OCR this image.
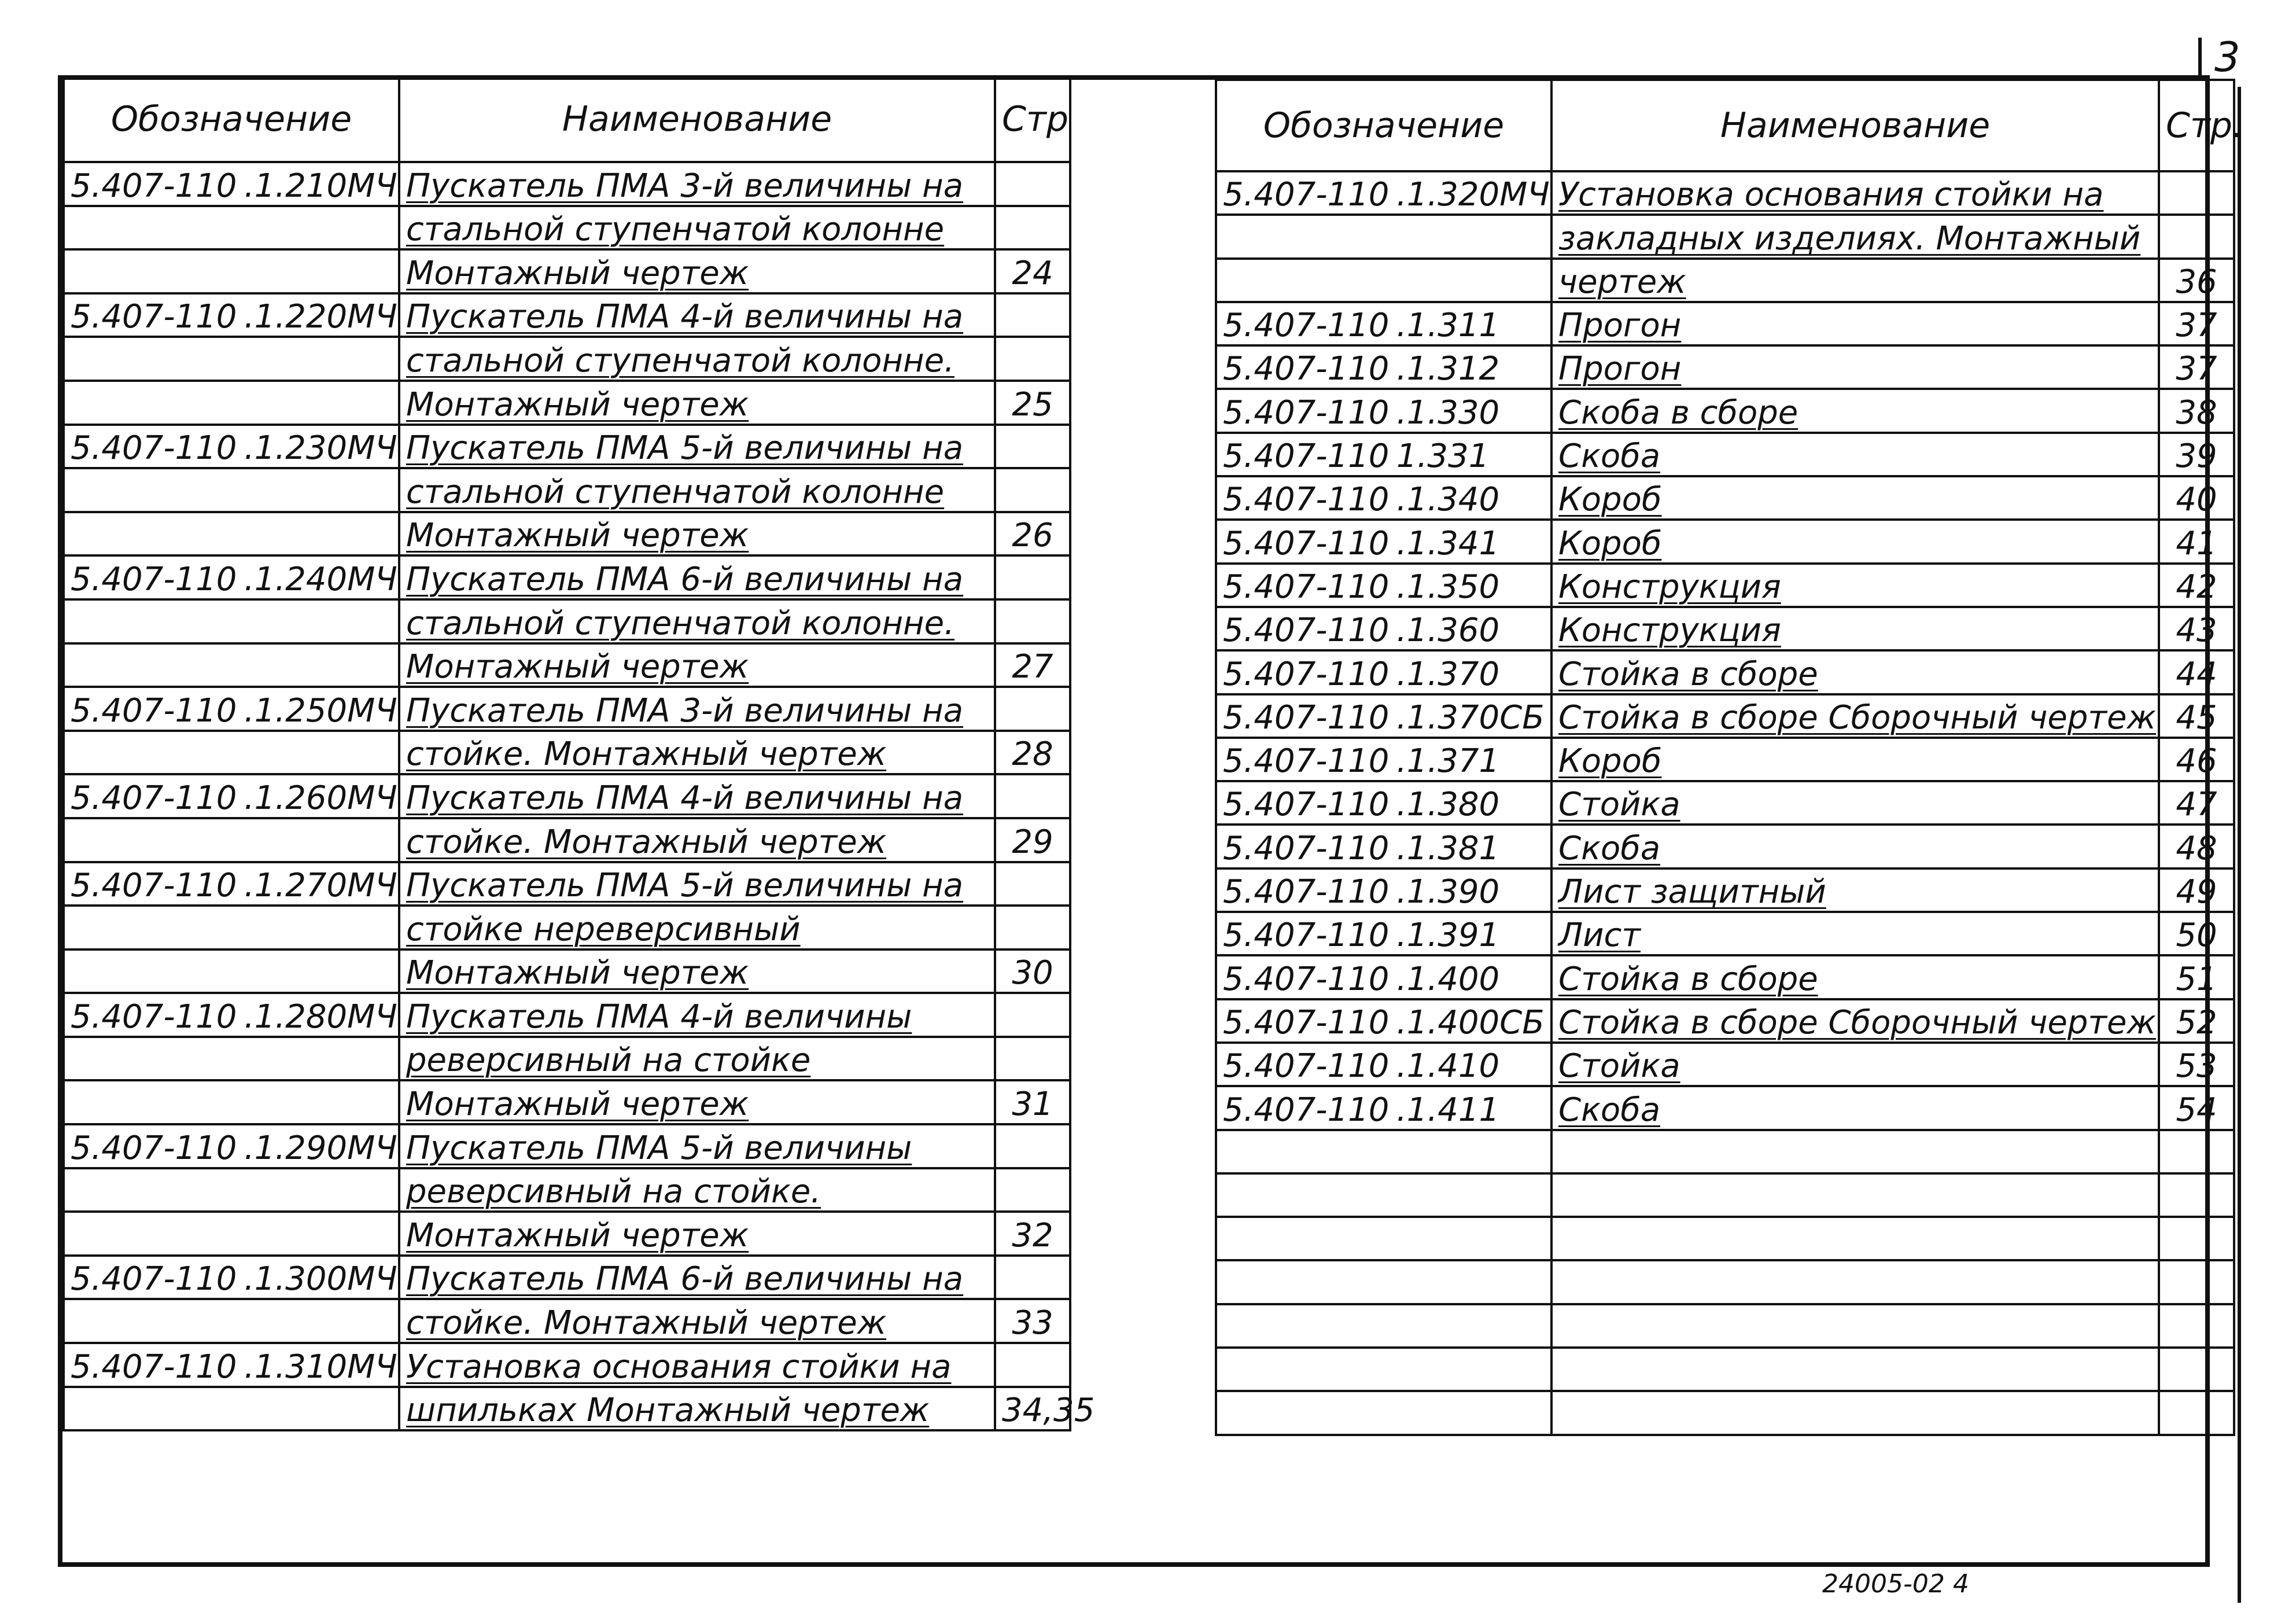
3
Обозначение	Наименование	Стр
5.407-110 .1.210МЧ	Пускатель ПМА 3-й величины на	
	стальной ступенчатой колонне	
	Монтажный чертеж	24
5.407-110 .1.220МЧ	Пускатель ПМА 4-й величины на	
	стальной ступенчатой колонне.	
	Монтажный чертеж	25
5.407-110 .1.230МЧ	Пускатель ПМА 5-й величины на	
	стальной ступенчатой колонне	
	Монтажный чертеж	26
5.407-110 .1.240МЧ	Пускатель ПМА 6-й величины на	
	стальной ступенчатой колонне.	
	Монтажный чертеж	27
5.407-110 .1.250МЧ	Пускатель ПМА 3-й величины на	
	стойке. Монтажный чертеж	28
5.407-110 .1.260МЧ	Пускатель ПМА 4-й величины на	
	стойке. Монтажный чертеж	29
5.407-110 .1.270МЧ	Пускатель ПМА 5-й величины на	
	стойке нереверсивный	
	Монтажный чертеж	30
5.407-110 .1.280МЧ	Пускатель ПМА 4-й величины	
	реверсивный на стойке	
	Монтажный чертеж	31
5.407-110 .1.290МЧ	Пускатель ПМА 5-й величины	
	реверсивный на стойке.	
	Монтажный чертеж	32
5.407-110 .1.300МЧ	Пускатель ПМА 6-й величины на	
	стойке. Монтажный чертеж	33
5.407-110 .1.310МЧ	Установка основания стойки на	
	шпильках Монтажный чертеж	34,35
Обозначение	Наименование	Стр.
5.407-110 .1.320МЧ	Установка основания стойки на	
	закладных изделиях. Монтажный	
	чертеж	36
5.407-110 .1.311	Прогон	37
5.407-110 .1.312	Прогон	37
5.407-110 .1.330	Скоба в сборе	38
5.407-110 1.331	Скоба	39
5.407-110 .1.340	Короб	40
5.407-110 .1.341	Короб	41
5.407-110 .1.350	Конструкция	42
5.407-110 .1.360	Конструкция	43
5.407-110 .1.370	Стойка в сборе	44
5.407-110 .1.370СБ	Стойка в сборе Сборочный чертеж	45
5.407-110 .1.371	Короб	46
5.407-110 .1.380	Стойка	47
5.407-110 .1.381	Скоба	48
5.407-110 .1.390	Лист защитный	49
5.407-110 .1.391	Лист	50
5.407-110 .1.400	Стойка в сборе	51
5.407-110 .1.400СБ	Стойка в сборе Сборочный чертеж	52
5.407-110 .1.410	Стойка	53
5.407-110 .1.411	Скоба	54

24005-02 4
